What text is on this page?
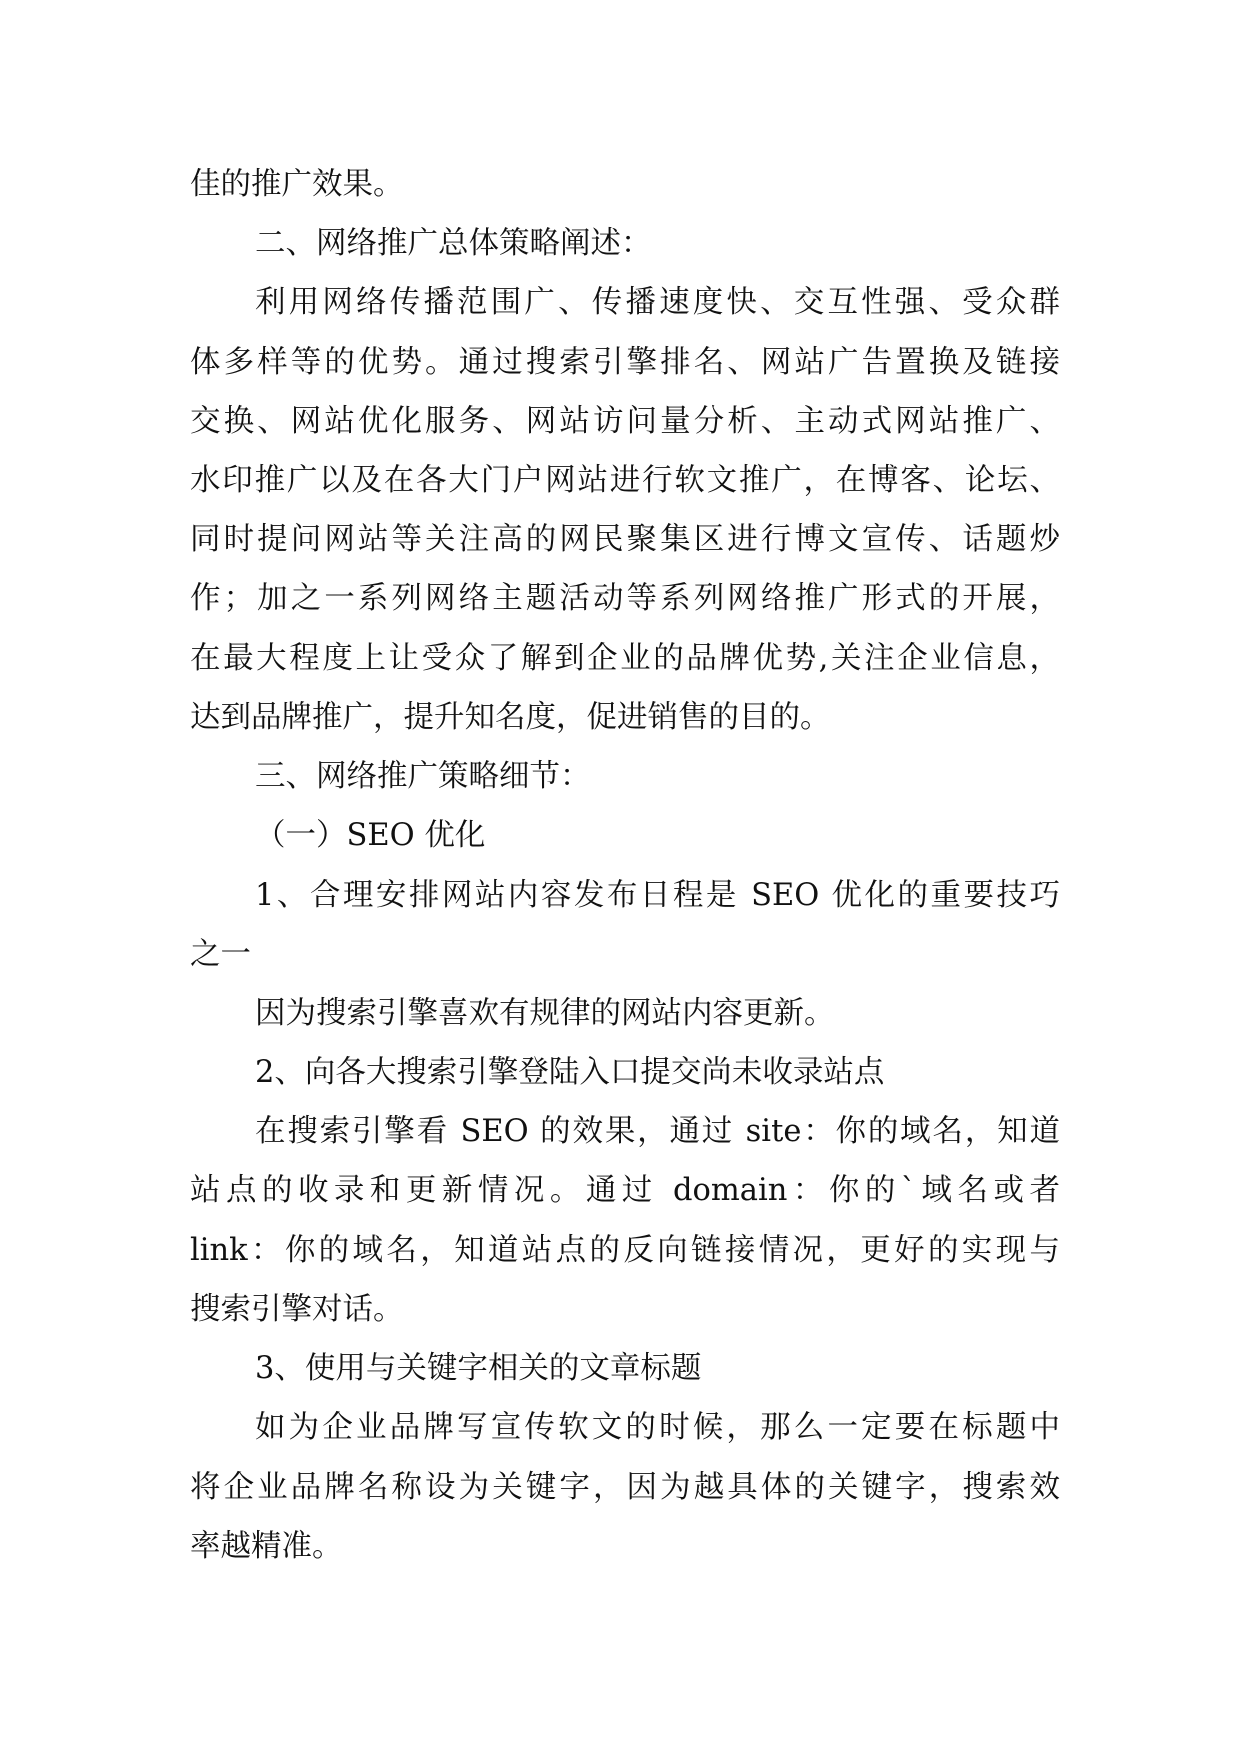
佳的推广效果。
二、网络推广总体策略阐述：
利用网络传播范围广、传播速度快、交互性强、受众群
体多样等的优势。通过搜索引擎排名、网站广告置换及链接
交换、网站优化服务、网站访问量分析、主动式网站推广、
水印推广以及在各大门户网站进行软文推广，在博客、论坛、
同时提问网站等关注高的网民聚集区进行博文宣传、话题炒
作；加之一系列网络主题活动等系列网络推广形式的开展，
在最大程度上让受众了解到企业的品牌优势,关注企业信息，
达到品牌推广，提升知名度，促进销售的目的。
三、网络推广策略细节：
（一）SEO 优化
1、合理安排网站内容发布日程是 SEO 优化的重要技巧
之一
因为搜索引擎喜欢有规律的网站内容更新。
2、向各大搜索引擎登陆入口提交尚未收录站点
在搜索引擎看 SEO 的效果，通过 site：你的域名，知道
站点的收录和更新情况。通过 domain：你的`域名或者
link：你的域名，知道站点的反向链接情况，更好的实现与
搜索引擎对话。
3、使用与关键字相关的文章标题
如为企业品牌写宣传软文的时候，那么一定要在标题中
将企业品牌名称设为关键字，因为越具体的关键字，搜索效
率越精准。
